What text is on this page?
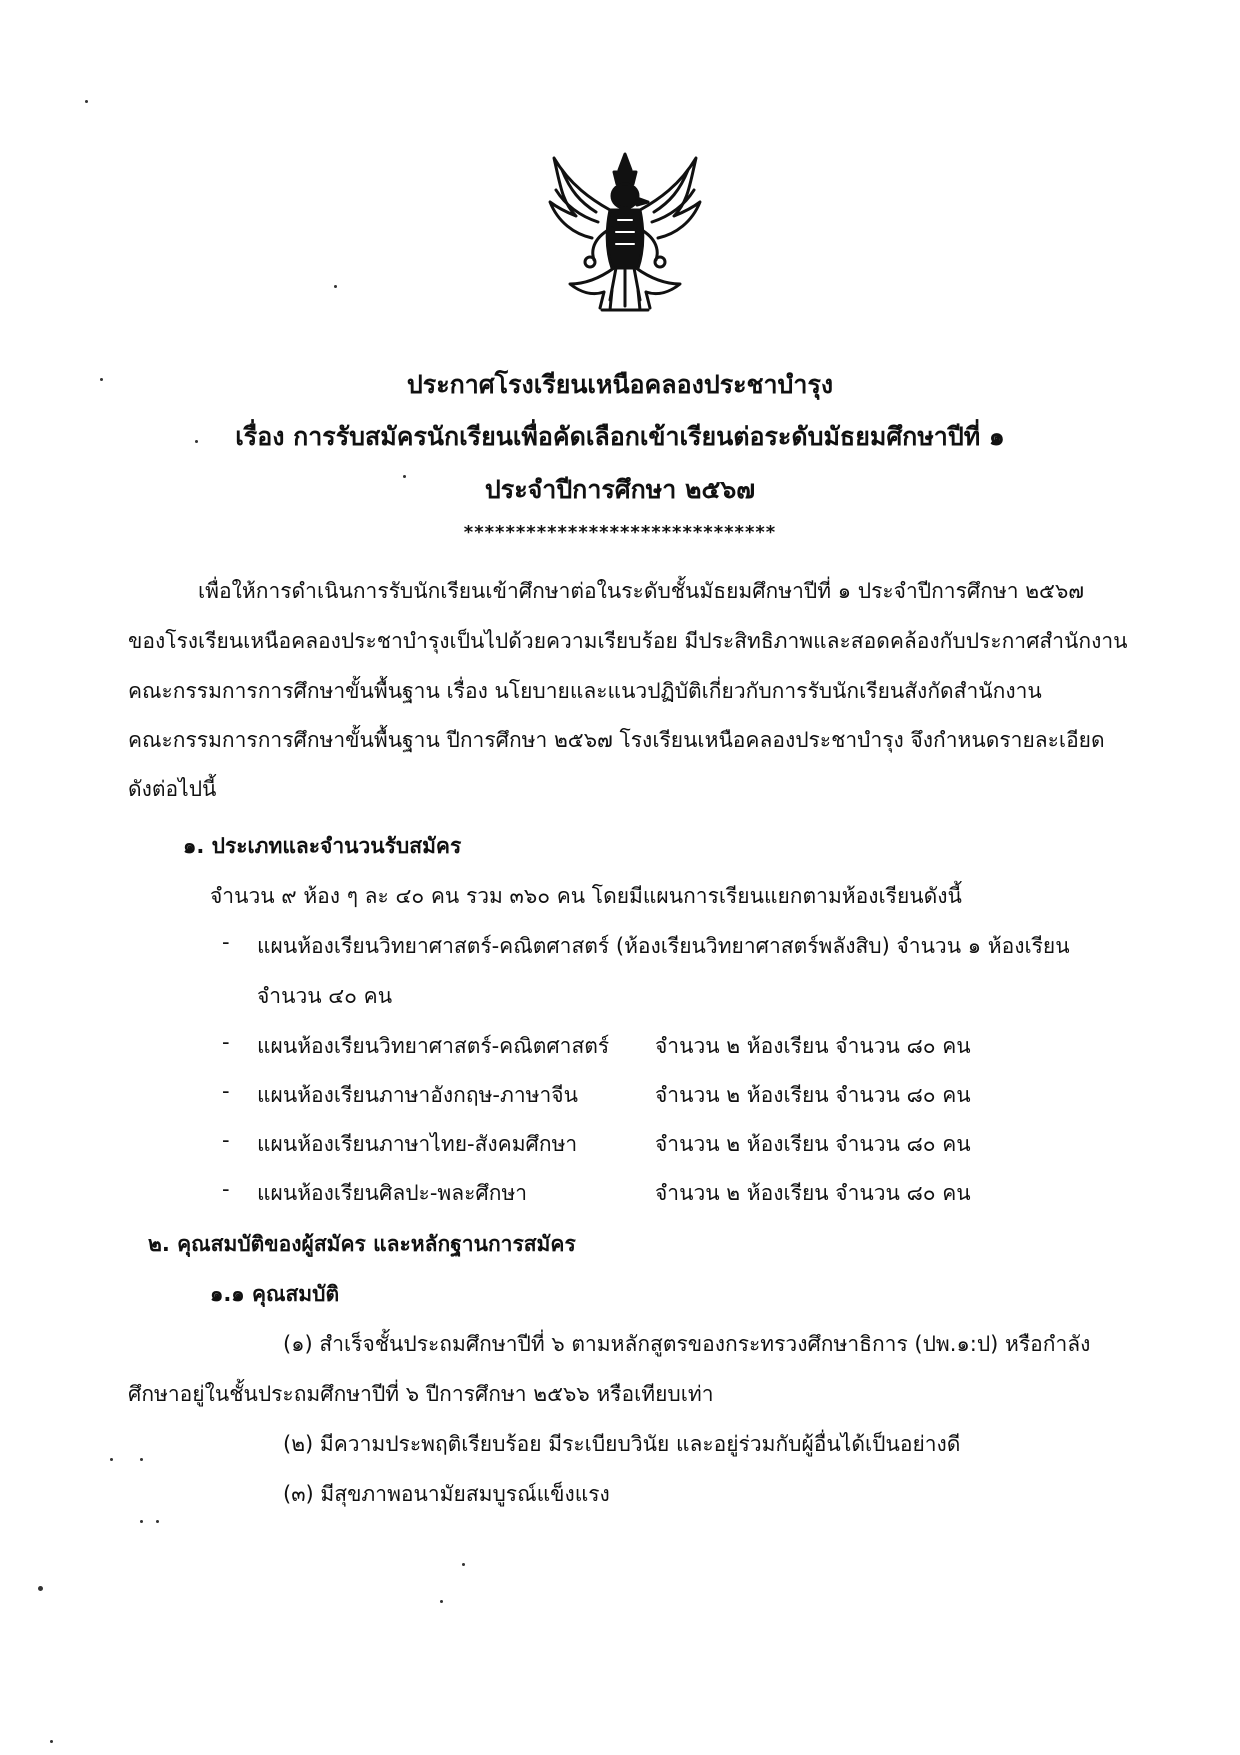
ประกาศโรงเรียนเหนือคลองประชาบำรุง
เรื่อง การรับสมัครนักเรียนเพื่อคัดเลือกเข้าเรียนต่อระดับมัธยมศึกษาปีที่ ๑
ประจำปีการศึกษา ๒๕๖๗
******************************
เพื่อให้การดำเนินการรับนักเรียนเข้าศึกษาต่อในระดับชั้นมัธยมศึกษาปีที่ ๑ ประจำปีการศึกษา ๒๕๖๗
ของโรงเรียนเหนือคลองประชาบำรุงเป็นไปด้วยความเรียบร้อย มีประสิทธิภาพและสอดคล้องกับประกาศสำนักงาน
คณะกรรมการการศึกษาขั้นพื้นฐาน เรื่อง นโยบายและแนวปฏิบัติเกี่ยวกับการรับนักเรียนสังกัดสำนักงาน
คณะกรรมการการศึกษาขั้นพื้นฐาน ปีการศึกษา ๒๕๖๗ โรงเรียนเหนือคลองประชาบำรุง จึงกำหนดรายละเอียด
ดังต่อไปนี้
๑. ประเภทและจำนวนรับสมัคร
จำนวน ๙ ห้อง ๆ ละ ๔๐ คน รวม ๓๖๐ คน โดยมีแผนการเรียนแยกตามห้องเรียนดังนี้
- แผนห้องเรียนวิทยาศาสตร์-คณิตศาสตร์ (ห้องเรียนวิทยาศาสตร์พลังสิบ) จำนวน ๑ ห้องเรียน
จำนวน ๔๐ คน
- แผนห้องเรียนวิทยาศาสตร์-คณิตศาสตร์ จำนวน ๒ ห้องเรียน จำนวน ๘๐ คน
- แผนห้องเรียนภาษาอังกฤษ-ภาษาจีน	จำนวน ๒ ห้องเรียน จำนวน ๘๐ คน
- แผนห้องเรียนภาษาไทย-สังคมศึกษา	จำนวน ๒ ห้องเรียน จำนวน ๘๐ คน
- แผนห้องเรียนศิลปะ-พละศึกษา	จำนวน ๒ ห้องเรียน จำนวน ๘๐ คน
๒. คุณสมบัติของผู้สมัคร และหลักฐานการสมัคร
๑.๑ คุณสมบัติ
(๑) สำเร็จชั้นประถมศึกษาปีที่ ๖ ตามหลักสูตรของกระทรวงศึกษาธิการ (ปพ.๑:ป) หรือกำลัง
ศึกษาอยู่ในชั้นประถมศึกษาปีที่ ๖ ปีการศึกษา ๒๕๖๖ หรือเทียบเท่า
(๒) มีความประพฤติเรียบร้อย มีระเบียบวินัย และอยู่ร่วมกับผู้อื่นได้เป็นอย่างดี
(๓) มีสุขภาพอนามัยสมบูรณ์แข็งแรง
